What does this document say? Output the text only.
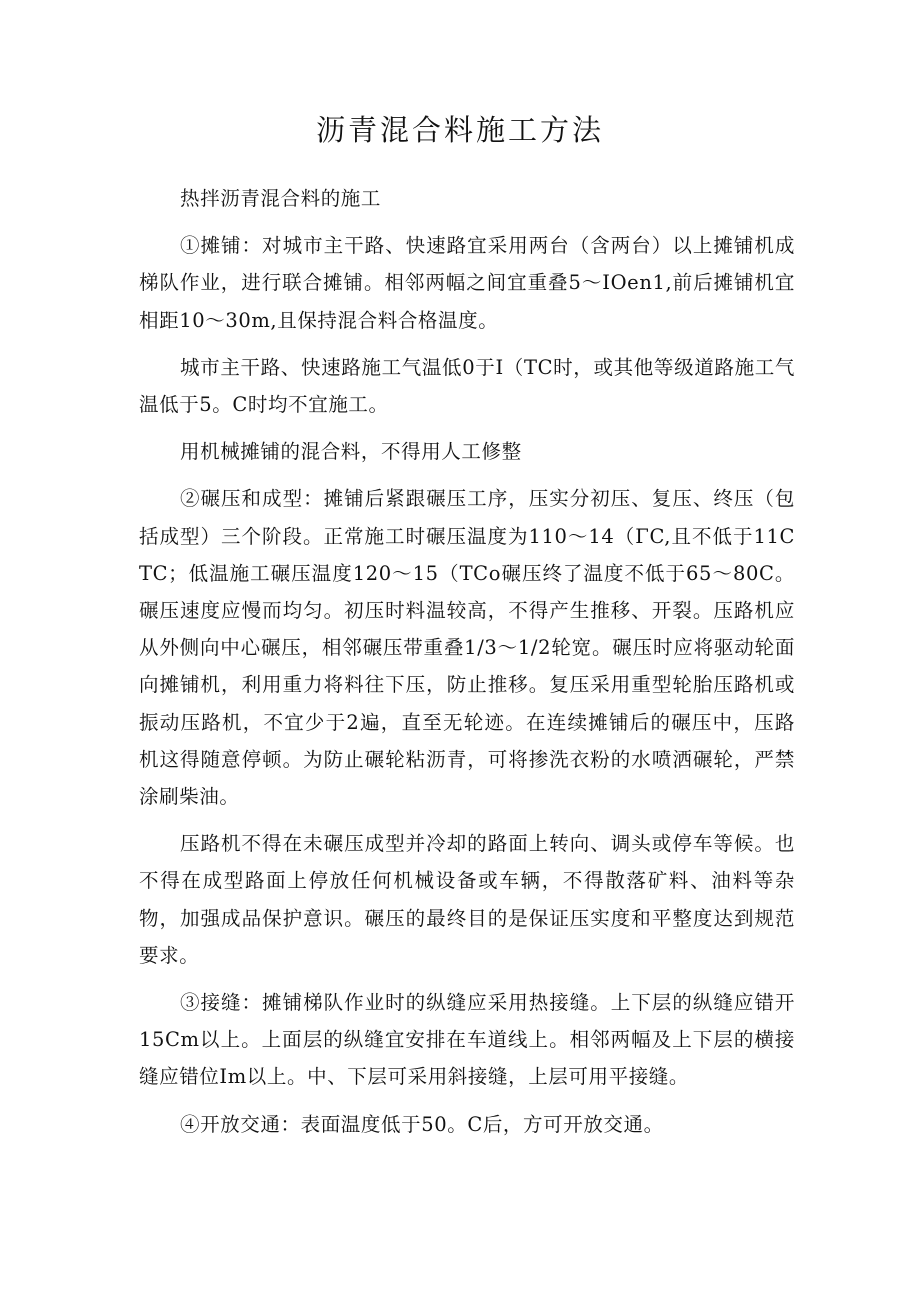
沥青混合料施工方法

热拌沥青混合料的施工

①摊铺：对城市主干路、快速路宜采用两台（含两台）以上摊铺机成梯队作业，进行联合摊铺。相邻两幅之间宜重叠5～IOen1,前后摊铺机宜相距10～30m,且保持混合料合格温度。

城市主干路、快速路施工气温低0于I（TC时，或其他等级道路施工气温低于5。C时均不宜施工。

用机械摊铺的混合料，不得用人工修整

②碾压和成型：摊铺后紧跟碾压工序，压实分初压、复压、终压（包括成型）三个阶段。正常施工时碾压温度为110～14（ΓC,且不低于11CTC；低温施工碾压温度120～15（TCo碾压终了温度不低于65～80C。碾压速度应慢而均匀。初压时料温较高，不得产生推移、开裂。压路机应从外侧向中心碾压，相邻碾压带重叠1/3～1/2轮宽。碾压时应将驱动轮面向摊铺机，利用重力将料往下压，防止推移。复压采用重型轮胎压路机或振动压路机，不宜少于2遍，直至无轮迹。在连续摊铺后的碾压中，压路机这得随意停顿。为防止碾轮粘沥青，可将掺洗衣粉的水喷洒碾轮，严禁涂刷柴油。

压路机不得在未碾压成型并冷却的路面上转向、调头或停车等候。也不得在成型路面上停放任何机械设备或车辆，不得散落矿料、油料等杂物，加强成品保护意识。碾压的最终目的是保证压实度和平整度达到规范要求。

③接缝：摊铺梯队作业时的纵缝应采用热接缝。上下层的纵缝应错开15Cm以上。上面层的纵缝宜安排在车道线上。相邻两幅及上下层的横接缝应错位Im以上。中、下层可采用斜接缝，上层可用平接缝。

④开放交通：表面温度低于50。C后，方可开放交通。
